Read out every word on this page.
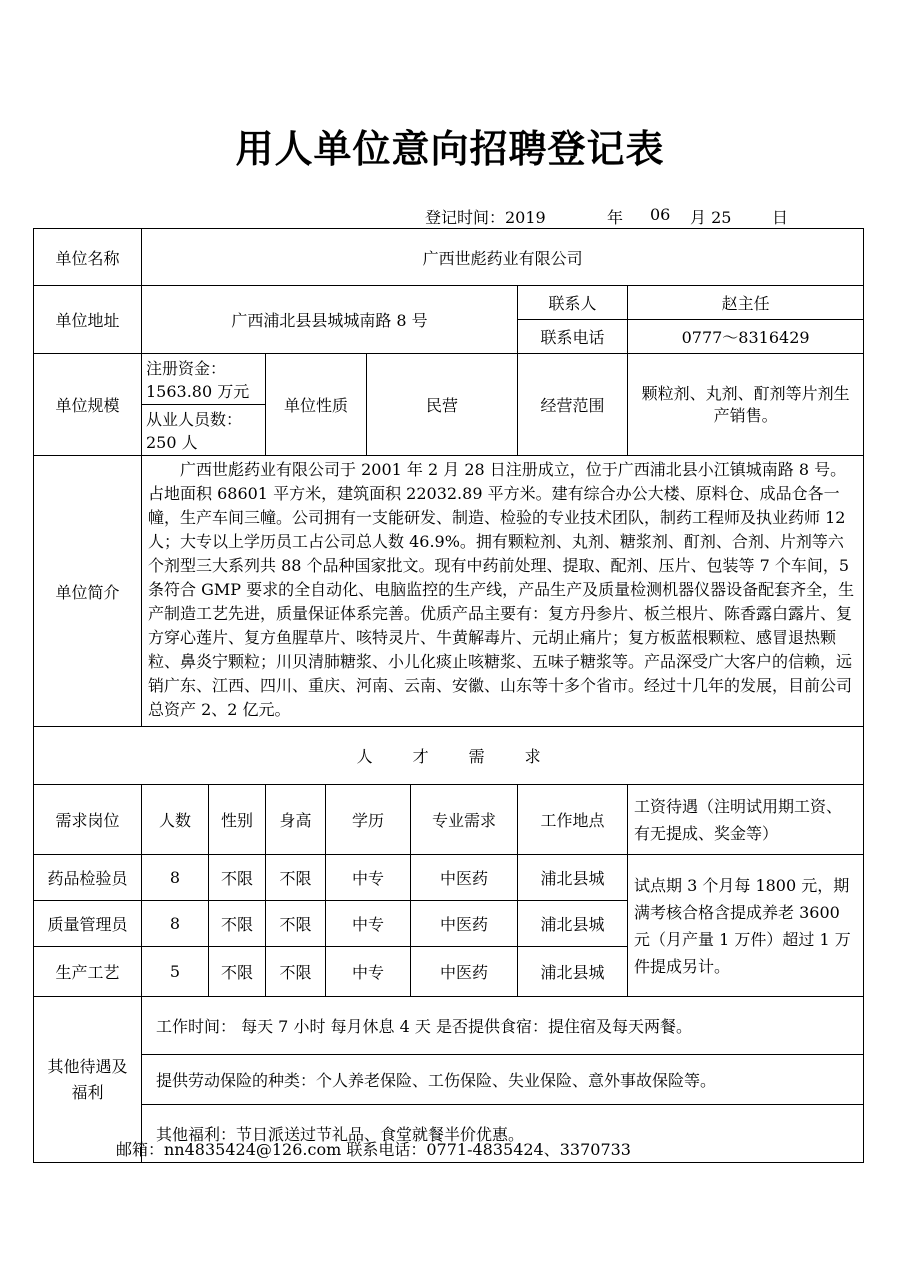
用人单位意向招聘登记表
登记时间：2019	年 06 月 25	日
单位名称	广西世彪药业有限公司							
单位地址	广西浦北县县城城南路 8 号						联系人	赵主任
							联系电话	0777～8316429
单位规模	注册资金：1563.80 万元		单位性质		民营		经营范围	颗粒剂、丸剂、酊剂等片剂生产销售。
	从业人员数：250 人							
单位简介	广西世彪药业有限公司于 2001 年 2 月 28 日注册成立，位于广西浦北县小江镇城南路 8 号。占地面积 68601 平方米，建筑面积 22032.89 平方米。建有综合办公大楼、原料仓、成品仓各一幢，生产车间三幢。公司拥有一支能研发、制造、检验的专业技术团队，制药工程师及执业药师 12 人；大专以上学历员工占公司总人数 46.9%。拥有颗粒剂、丸剂、糖浆剂、酊剂、合剂、片剂等六个剂型三大系列共 88 个品种国家批文。现有中药前处理、提取、配剂、压片、包装等 7 个车间，5 条符合 GMP 要求的全自动化、电脑监控的生产线，产品生产及质量检测机器仪器设备配套齐全，生产制造工艺先进，质量保证体系完善。优质产品主要有：复方丹参片、板兰根片、陈香露白露片、复方穿心莲片、复方鱼腥草片、咳特灵片、牛黄解毒片、元胡止痛片；复方板蓝根颗粒、感冒退热颗粒、鼻炎宁颗粒；川贝清肺糖浆、小儿化痰止咳糖浆、五味子糖浆等。产品深受广大客户的信赖，远销广东、江西、四川、重庆、河南、云南、安徽、山东等十多个省市。经过十几年的发展，目前公司总资产 2、2 亿元。							
人才需求								
需求岗位	人数	性别	身高	学历		专业需求	工作地点	工资待遇（注明试用期工资、有无提成、奖金等）
药品检验员	8	不限	不限	中专		中医药	浦北县城	试点期 3 个月每 1800 元，期满考核合格含提成养老 3600 元（月产量 1 万件）超过 1 万件提成另计。
质量管理员	8	不限	不限	中专		中医药	浦北县城	
生产工艺	5	不限	不限	中专		中医药	浦北县城	
其他待遇及福利	工作时间： 每天 7 小时 每月休息 4 天 是否提供食宿：提住宿及每天两餐。							
	提供劳动保险的种类：个人养老保险、工伤保险、失业保险、意外事故保险等。							
	其他福利：节日派送过节礼品、食堂就餐半价优惠。							
邮箱：nn4835424@126.com 联系电话：0771-4835424、3370733
